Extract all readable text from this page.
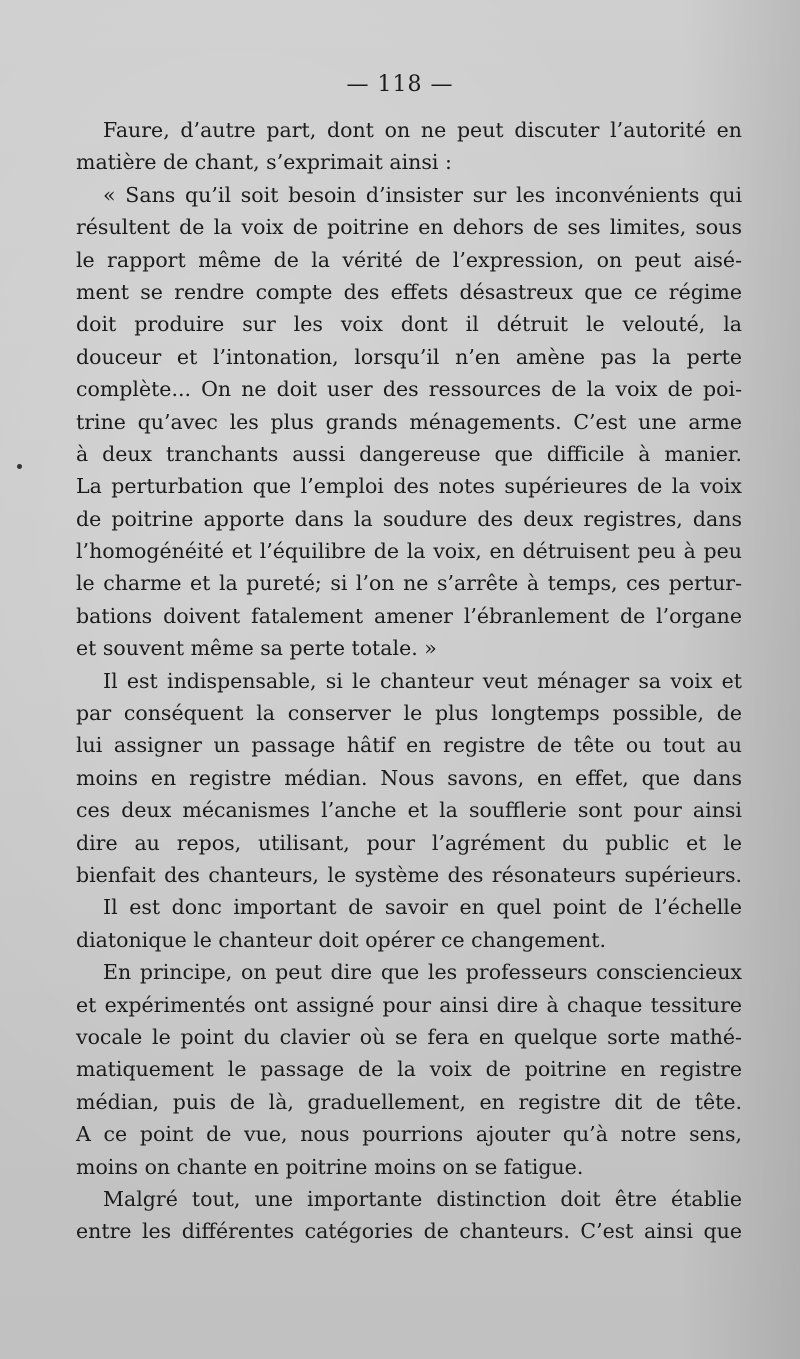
— 118 —
Faure, d’autre part, dont on ne peut discuter l’autorité en
matière de chant, s’exprimait ainsi :
« Sans qu’il soit besoin d’insister sur les inconvénients qui
résultent de la voix de poitrine en dehors de ses limites, sous
le rapport même de la vérité de l’expression, on peut aisé-
ment se rendre compte des effets désastreux que ce régime
doit produire sur les voix dont il détruit le velouté, la
douceur et l’intonation, lorsqu’il n’en amène pas la perte
complète... On ne doit user des ressources de la voix de poi-
trine qu’avec les plus grands ménagements. C’est une arme
à deux tranchants aussi dangereuse que difficile à manier.
La perturbation que l’emploi des notes supérieures de la voix
de poitrine apporte dans la soudure des deux registres, dans
l’homogénéité et l’équilibre de la voix, en détruisent peu à peu
le charme et la pureté; si l’on ne s’arrête à temps, ces pertur-
bations doivent fatalement amener l’ébranlement de l’organe
et souvent même sa perte totale. »
Il est indispensable, si le chanteur veut ménager sa voix et
par conséquent la conserver le plus longtemps possible, de
lui assigner un passage hâtif en registre de tête ou tout au
moins en registre médian. Nous savons, en effet, que dans
ces deux mécanismes l’anche et la soufflerie sont pour ainsi
dire au repos, utilisant, pour l’agrément du public et le
bienfait des chanteurs, le système des résonateurs supérieurs.
Il est donc important de savoir en quel point de l’échelle
diatonique le chanteur doit opérer ce changement.
En principe, on peut dire que les professeurs consciencieux
et expérimentés ont assigné pour ainsi dire à chaque tessiture
vocale le point du clavier où se fera en quelque sorte mathé-
matiquement le passage de la voix de poitrine en registre
médian, puis de là, graduellement, en registre dit de tête.
A ce point de vue, nous pourrions ajouter qu’à notre sens,
moins on chante en poitrine moins on se fatigue.
Malgré tout, une importante distinction doit être établie
entre les différentes catégories de chanteurs. C’est ainsi que
